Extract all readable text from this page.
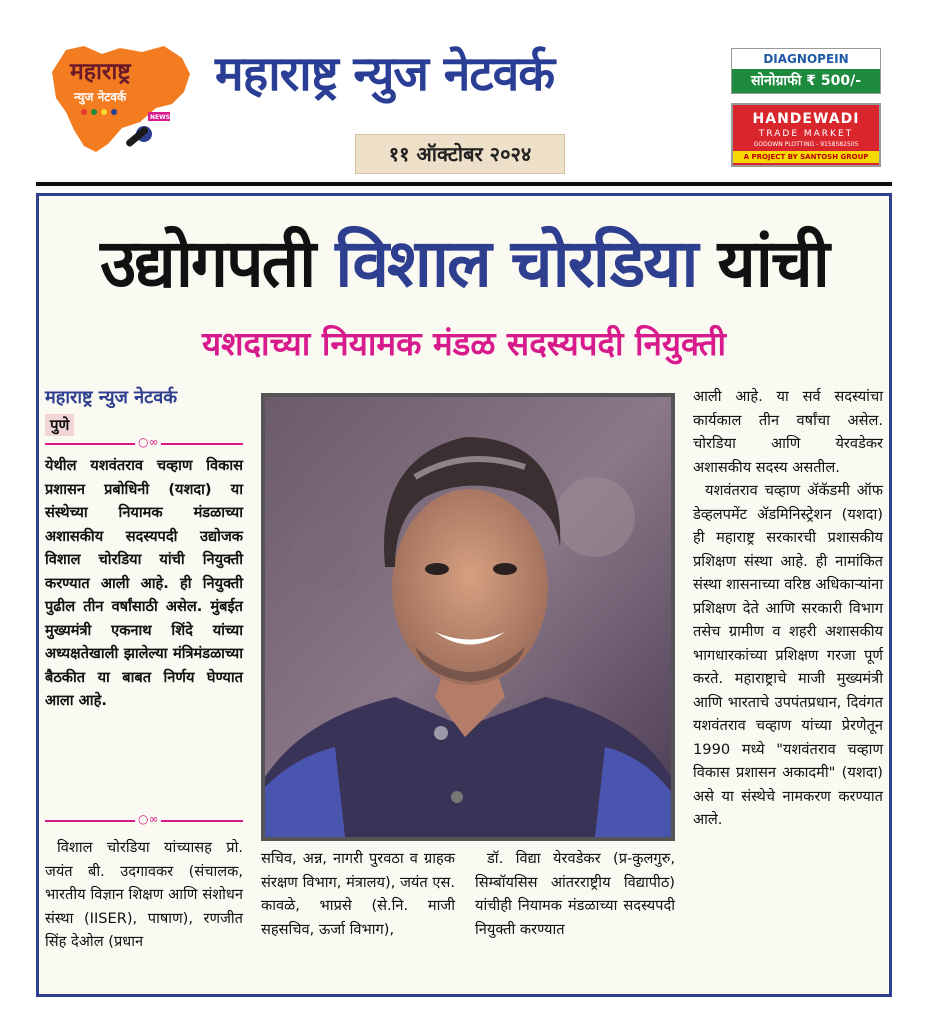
महाराष्ट्र
न्युज नेटवर्क
NEWS
महाराष्ट्र न्युज नेटवर्क
११ ऑक्टोबर २०२४
DIAGNOPEIN
सोनोग्राफी ₹ 500/-
HANDEWADI
TRADE MARKET
GODOWN PLOTTING - 9158582505
A PROJECT BY SANTOSH GROUP
उद्योगपती विशाल चोरडिया यांची
यशदाच्या नियामक मंडळ सदस्यपदी नियुक्ती
महाराष्ट्र न्युज नेटवर्क
पुणे
○∞
येथील यशवंतराव चव्हाण विकास प्रशासन प्रबोधिनी (यशदा) या संस्थेच्या नियामक मंडळाच्या अशासकीय सदस्यपदी उद्योजक विशाल चोरडिया यांची नियुक्ती करण्यात आली आहे. ही नियुक्ती पुढील तीन वर्षांसाठी असेल. मुंबईत मुख्यमंत्री एकनाथ शिंदे यांच्या अध्यक्षतेखाली झालेल्या मंत्रिमंडळाच्या बैठकीत या बाबत निर्णय घेण्यात आला आहे.
○∞

विशाल चोरडिया यांच्यासह प्रो. जयंत बी. उदगावकर (संचालक, भारतीय विज्ञान शिक्षण आणि संशोधन संस्था (IISER), पाषाण), रणजीत सिंह देओल (प्रधान

सचिव, अन्न, नागरी पुरवठा व ग्राहक संरक्षण विभाग, मंत्रालय), जयंत एस. कावळे, भाप्रसे (से.नि. माजी सहसचिव, ऊर्जा विभाग),

डॉ. विद्या येरवडेकर (प्र-कुलगुरु, सिम्बॉयसिस आंतरराष्ट्रीय विद्यापीठ) यांचीही नियामक मंडळाच्या सदस्यपदी नियुक्ती करण्यात

आली आहे. या सर्व सदस्यांचा कार्यकाल तीन वर्षांचा असेल. चोरडिया आणि येरवडेकर अशासकीय सदस्य असतील.

यशवंतराव चव्हाण ॲकॅडमी ऑफ डेव्हलपमेंट ॲडमिनिस्ट्रेशन (यशदा) ही महाराष्ट्र सरकारची प्रशासकीय प्रशिक्षण संस्था आहे. ही नामांकित संस्था शासनाच्या वरिष्ठ अधिकाऱ्यांना प्रशिक्षण देते आणि सरकारी विभाग तसेच ग्रामीण व शहरी अशासकीय भागधारकांच्या प्रशिक्षण गरजा पूर्ण करते. महाराष्ट्राचे माजी मुख्यमंत्री आणि भारताचे उपपंतप्रधान, दिवंगत यशवंतराव चव्हाण यांच्या प्रेरणेतून 1990 मध्ये "यशवंतराव चव्हाण विकास प्रशासन अकादमी" (यशदा) असे या संस्थेचे नामकरण करण्यात आले.
